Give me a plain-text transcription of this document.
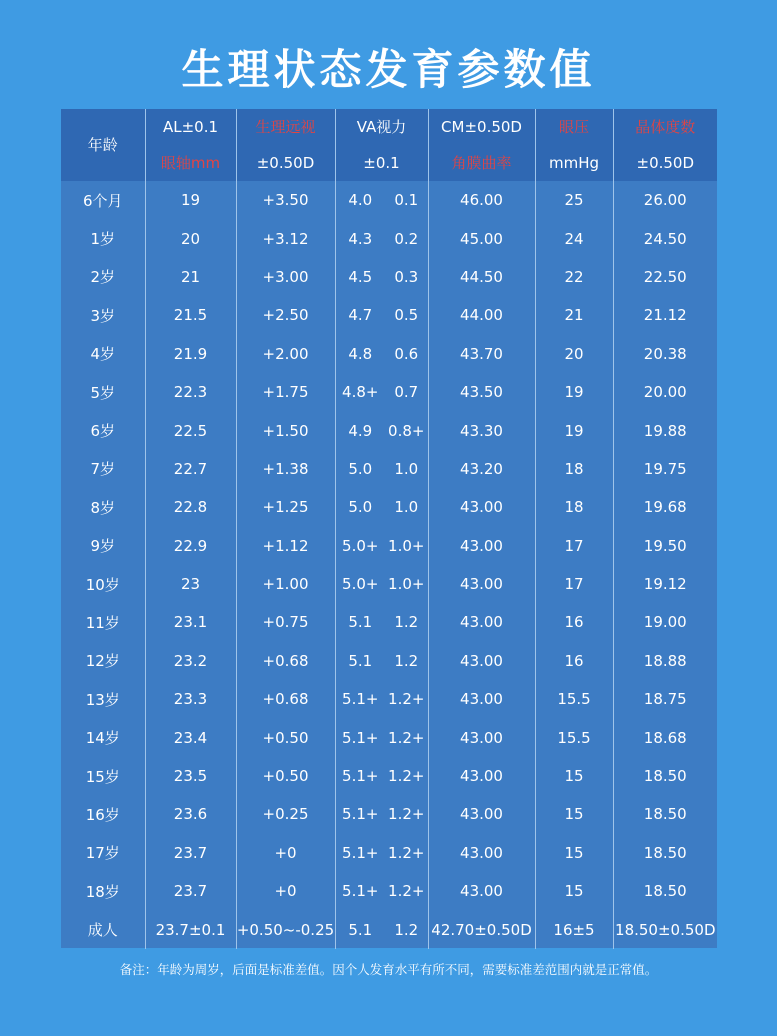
生理状态发育参数值
年龄	AL±0.1	生理远视	VA视力		CM±0.50D	眼压	晶体度数
	眼轴mm	±0.50D	±0.1		角膜曲率	mmHg	±0.50D
6个月	19	+3.50	4.0	0.1	46.00	25	26.00
1岁	20	+3.12	4.3	0.2	45.00	24	24.50
2岁	21	+3.00	4.5	0.3	44.50	22	22.50
3岁	21.5	+2.50	4.7	0.5	44.00	21	21.12
4岁	21.9	+2.00	4.8	0.6	43.70	20	20.38
5岁	22.3	+1.75	4.8+	0.7	43.50	19	20.00
6岁	22.5	+1.50	4.9	0.8+	43.30	19	19.88
7岁	22.7	+1.38	5.0	1.0	43.20	18	19.75
8岁	22.8	+1.25	5.0	1.0	43.00	18	19.68
9岁	22.9	+1.12	5.0+	1.0+	43.00	17	19.50
10岁	23	+1.00	5.0+	1.0+	43.00	17	19.12
11岁	23.1	+0.75	5.1	1.2	43.00	16	19.00
12岁	23.2	+0.68	5.1	1.2	43.00	16	18.88
13岁	23.3	+0.68	5.1+	1.2+	43.00	15.5	18.75
14岁	23.4	+0.50	5.1+	1.2+	43.00	15.5	18.68
15岁	23.5	+0.50	5.1+	1.2+	43.00	15	18.50
16岁	23.6	+0.25	5.1+	1.2+	43.00	15	18.50
17岁	23.7	+0	5.1+	1.2+	43.00	15	18.50
18岁	23.7	+0	5.1+	1.2+	43.00	15	18.50
成人	23.7±0.1	+0.50~-0.25	5.1	1.2	42.70±0.50D	16±5	18.50±0.50D
备注：年龄为周岁，后面是标准差值。因个人发育水平有所不同，需要标准差范围内就是正常值。
